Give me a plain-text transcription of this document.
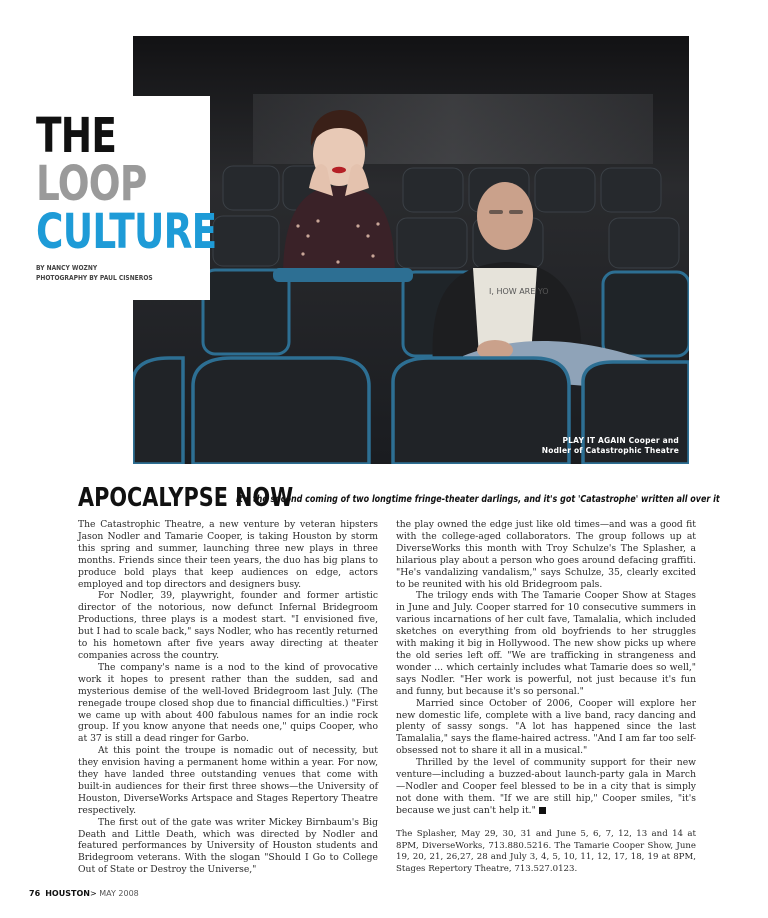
I, HOW ARE YO
PLAY IT AGAIN Cooper and
Nodler of Catastrophic Theatre
THE
LOOP
CULTURE
BY NANCY WOZNY
PHOTOGRAPHY BY PAUL CISNEROS
APOCALYPSE NOW
It's the second coming of two longtime fringe-theater darlings, and it's got 'Catastrophe' written all over it

The Catastrophic Theatre, a new venture by veteran hipsters Jason Nodler and Tamarie Cooper, is taking Houston by storm this spring and summer, launching three new plays in three months. Friends since their teen years, the duo has big plans to produce bold plays that keep audiences on edge, actors employed and top directors and designers busy.

For Nodler, 39, playwright, founder and former artistic director of the notorious, now defunct Infernal Bridegroom Productions, three plays is a modest start. "I envisioned five, but I had to scale back," says Nodler, who has recently returned to his hometown after five years away directing at theater companies across the country.

The company's name is a nod to the kind of provocative work it hopes to present rather than the sudden, sad and mysterious demise of the well-loved Bridegroom last July. (The renegade troupe closed shop due to financial difficulties.) "First we came up with about 400 fabulous names for an indie rock group. If you know anyone that needs one," quips Cooper, who at 37 is still a dead ringer for Garbo.

At this point the troupe is nomadic out of necessity, but they envision having a permanent home within a year. For now, they have landed three outstanding venues that come with built-in audiences for their first three shows—the University of Houston, DiverseWorks Artspace and Stages Repertory Theatre respectively.

The first out of the gate was writer Mickey Birnbaum's Big Death and Little Death, which was directed by Nodler and featured performances by University of Houston students and Bridegroom veterans. With the slogan "Should I Go to College Out of State or Destroy the Universe,"

the play owned the edge just like old times—and was a good fit with the college-aged collaborators. The group follows up at DiverseWorks this month with Troy Schulze's The Splasher, a hilarious play about a person who goes around defacing graffiti. "He's vandalizing vandalism," says Schulze, 35, clearly excited to be reunited with his old Bridegroom pals.

The trilogy ends with The Tamarie Cooper Show at Stages in June and July. Cooper starred for 10 consecutive summers in various incarnations of her cult fave, Tamalalia, which included sketches on everything from old boyfriends to her struggles with making it big in Hollywood. The new show picks up where the old series left off. "We are trafficking in strangeness and wonder ... which certainly includes what Tamarie does so well," says Nodler. "Her work is powerful, not just because it's fun and funny, but because it's so personal."

Married since October of 2006, Cooper will explore her new domestic life, complete with a live band, racy dancing and plenty of sassy songs. "A lot has happened since the last Tamalalia," says the flame-haired actress. "And I am far too self-obsessed not to share it all in a musical."

Thrilled by the level of community support for their new venture—including a buzzed-about launch-party gala in March—Nodler and Cooper feel blessed to be in a city that is simply not done with them. "If we are still hip," Cooper smiles, "it's because we just can't help it."

The Splasher, May 29, 30, 31 and June 5, 6, 7, 12, 13 and 14 at 8PM, DiverseWorks, 713.880.5216. The Tamarie Cooper Show, June 19, 20, 21, 26,27, 28 and July 3, 4, 5, 10, 11, 12, 17, 18, 19 at 8PM, Stages Repertory Theatre, 713.527.0123.

76 HOUSTON> MAY 2008
